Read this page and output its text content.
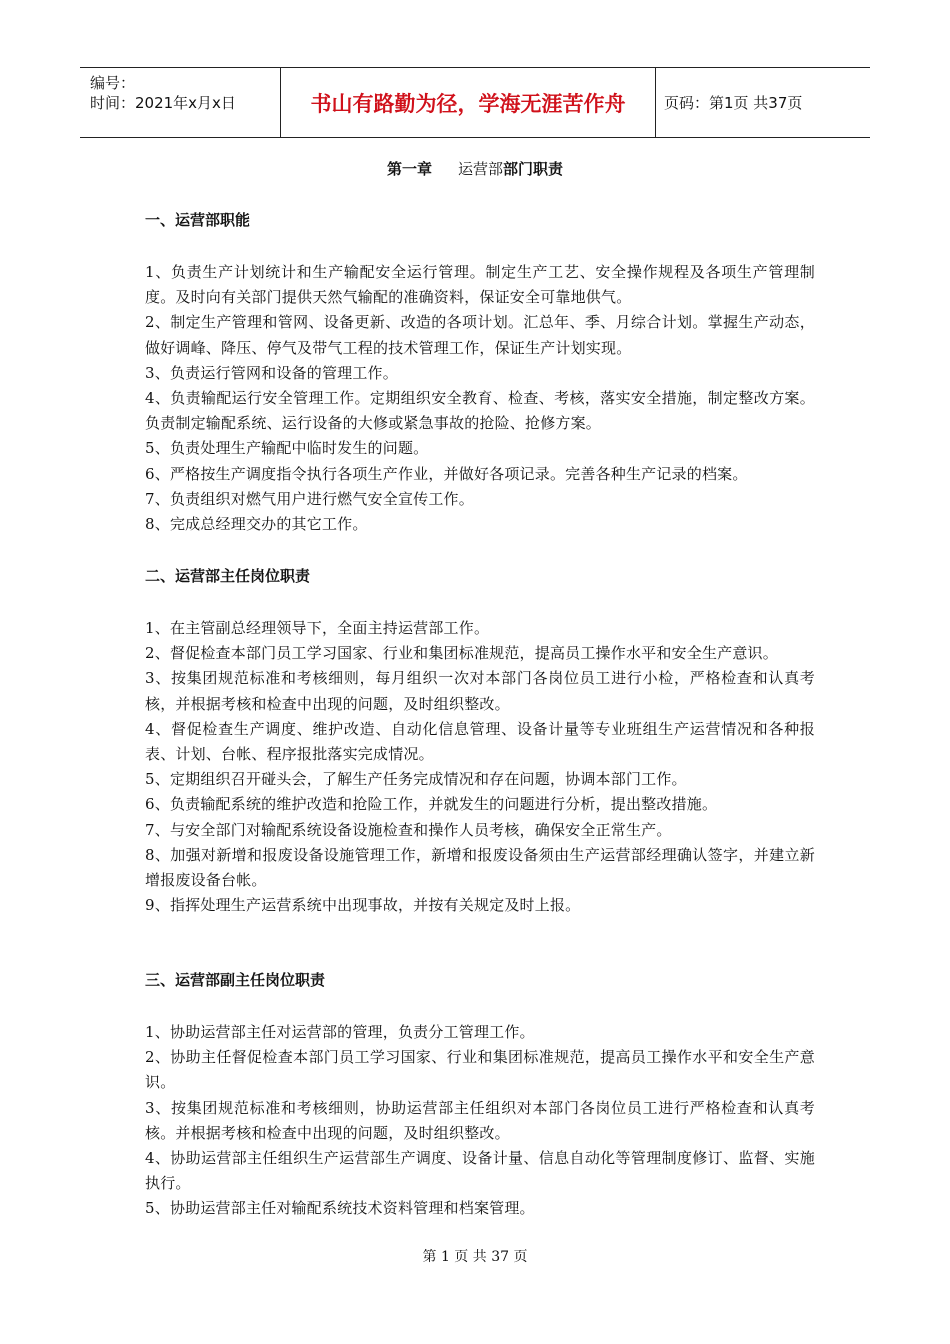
编号：
时间：2021年x月x日	书山有路勤为径，学海无涯苦作舟	页码：第1页 共37页
第一章 运营部部门职责
一、运营部职能

1、负责生产计划统计和生产输配安全运行管理。制定生产工艺、安全操作规程及各项生产管理制度。及时向有关部门提供天然气输配的准确资料，保证安全可靠地供气。

2、制定生产管理和管网、设备更新、改造的各项计划。汇总年、季、月综合计划。掌握生产动态，做好调峰、降压、停气及带气工程的技术管理工作，保证生产计划实现。

3、负责运行管网和设备的管理工作。

4、负责输配运行安全管理工作。定期组织安全教育、检查、考核，落实安全措施，制定整改方案。负责制定输配系统、运行设备的大修或紧急事故的抢险、抢修方案。

5、负责处理生产输配中临时发生的问题。

6、严格按生产调度指令执行各项生产作业，并做好各项记录。完善各种生产记录的档案。

7、负责组织对燃气用户进行燃气安全宣传工作。

8、完成总经理交办的其它工作。

二、运营部主任岗位职责

1、在主管副总经理领导下，全面主持运营部工作。

2、督促检查本部门员工学习国家、行业和集团标准规范，提高员工操作水平和安全生产意识。

3、按集团规范标准和考核细则，每月组织一次对本部门各岗位员工进行小检，严格检查和认真考核，并根据考核和检查中出现的问题，及时组织整改。

4、督促检查生产调度、维护改造、自动化信息管理、设备计量等专业班组生产运营情况和各种报表、计划、台帐、程序报批落实完成情况。

5、定期组织召开碰头会，了解生产任务完成情况和存在问题，协调本部门工作。

6、负责输配系统的维护改造和抢险工作，并就发生的问题进行分析，提出整改措施。

7、与安全部门对输配系统设备设施检查和操作人员考核，确保安全正常生产。

8、加强对新增和报废设备设施管理工作，新增和报废设备须由生产运营部经理确认签字，并建立新增报废设备台帐。

9、指挥处理生产运营系统中出现事故，并按有关规定及时上报。

三、运营部副主任岗位职责

1、协助运营部主任对运营部的管理，负责分工管理工作。

2、协助主任督促检查本部门员工学习国家、行业和集团标准规范，提高员工操作水平和安全生产意识。

3、按集团规范标准和考核细则，协助运营部主任组织对本部门各岗位员工进行严格检查和认真考核。并根据考核和检查中出现的问题，及时组织整改。

4、协助运营部主任组织生产运营部生产调度、设备计量、信息自动化等管理制度修订、监督、实施执行。

5、协助运营部主任对输配系统技术资料管理和档案管理。

第 1 页 共 37 页
